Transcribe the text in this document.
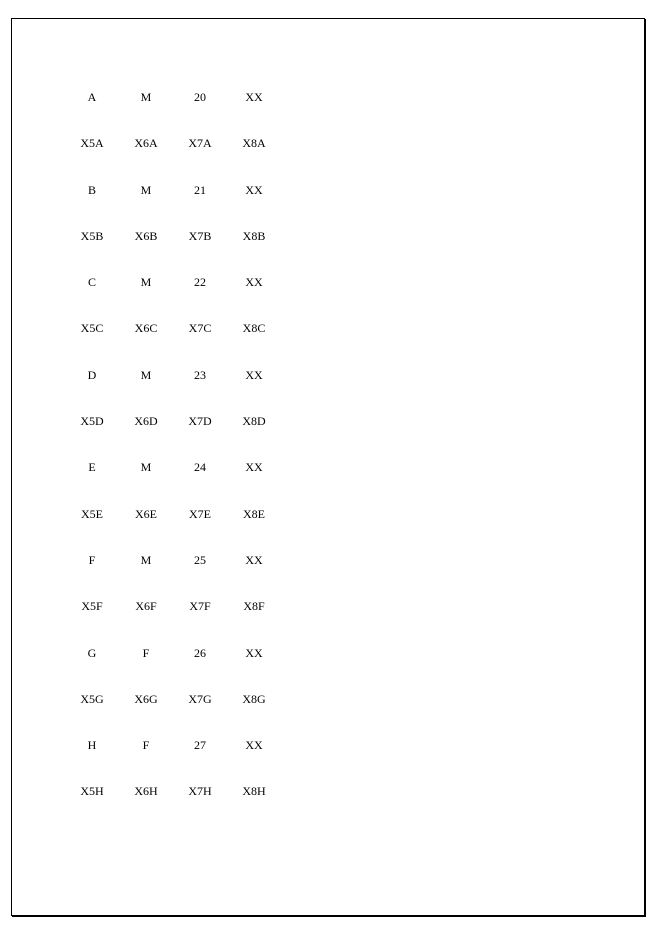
A	M	20	XX
X5A	X6A	X7A	X8A
B	M	21	XX
X5B	X6B	X7B	X8B
C	M	22	XX
X5C	X6C	X7C	X8C
D	M	23	XX
X5D	X6D	X7D	X8D
E	M	24	XX
X5E	X6E	X7E	X8E
F	M	25	XX
X5F	X6F	X7F	X8F
G	F	26	XX
X5G	X6G	X7G	X8G
H	F	27	XX
X5H	X6H	X7H	X8H
